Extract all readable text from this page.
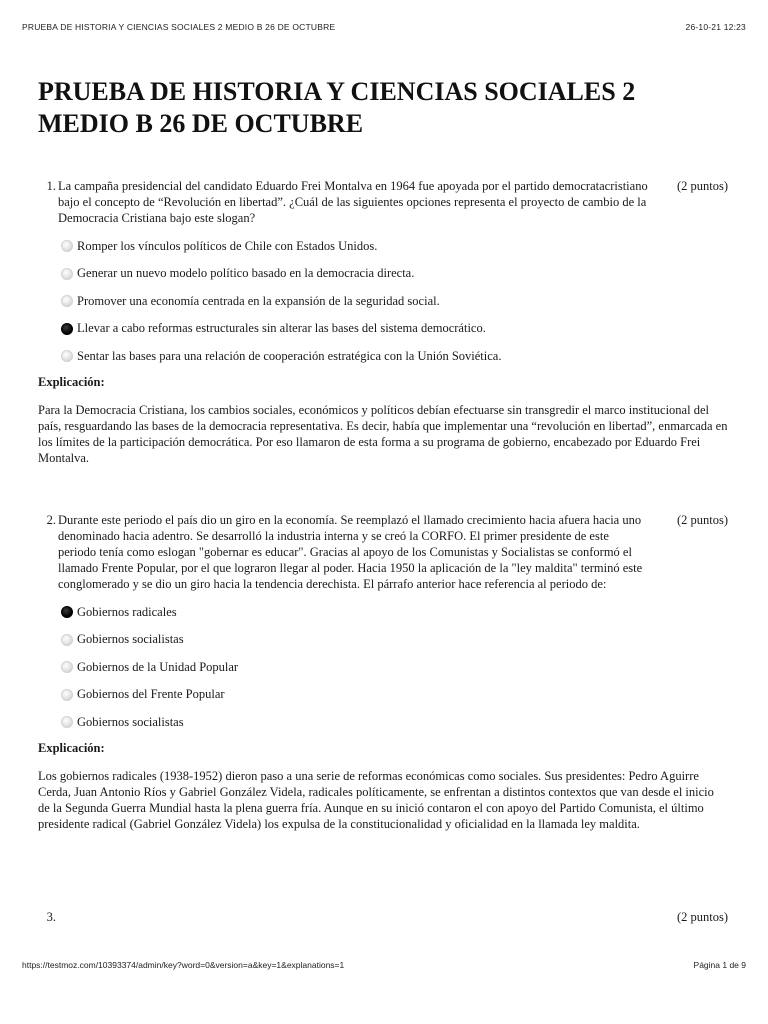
PRUEBA DE HISTORIA Y CIENCIAS SOCIALES 2 MEDIO B 26 DE OCTUBRE	26-10-21 12:23
PRUEBA DE HISTORIA Y CIENCIAS SOCIALES 2 MEDIO B 26 DE OCTUBRE
1. La campaña presidencial del candidato Eduardo Frei Montalva en 1964 fue apoyada por el partido democratacristiano bajo el concepto de “Revolución en libertad”. ¿Cuál de las siguientes opciones representa el proyecto de cambio de la Democracia Cristiana bajo este slogan?
(2 puntos)
Romper los vínculos políticos de Chile con Estados Unidos.
Generar un nuevo modelo político basado en la democracia directa.
Promover una economía centrada en la expansión de la seguridad social.
Llevar a cabo reformas estructurales sin alterar las bases del sistema democrático.
Sentar las bases para una relación de cooperación estratégica con la Unión Soviética.
Explicación:
Para la Democracia Cristiana, los cambios sociales, económicos y políticos debían efectuarse sin transgredir el marco institucional del país, resguardando las bases de la democracia representativa. Es decir, había que implementar una “revolución en libertad”, enmarcada en los límites de la participación democrática. Por eso llamaron de esta forma a su programa de gobierno, encabezado por Eduardo Frei Montalva.
2. Durante este periodo el país dio un giro en la economía. Se reemplazó el llamado crecimiento hacia afuera hacia uno denominado hacia adentro. Se desarrolló la industria interna y se creó la CORFO. El primer presidente de este periodo tenía como eslogan "gobernar es educar". Gracias al apoyo de los Comunistas y Socialistas se conformó el llamado Frente Popular, por el que lograron llegar al poder. Hacia 1950 la aplicación de la "ley maldita" terminó este conglomerado y se dio un giro hacia la tendencia derechista. El párrafo anterior hace referencia al periodo de:
(2 puntos)
Gobiernos radicales
Gobiernos socialistas
Gobiernos de la Unidad Popular
Gobiernos del Frente Popular
Gobiernos socialistas
Explicación:
Los gobiernos radicales (1938-1952) dieron paso a una serie de reformas económicas como sociales. Sus presidentes: Pedro Aguirre Cerda, Juan Antonio Ríos y Gabriel González Videla, radicales políticamente, se enfrentan a distintos contextos que van desde el inicio de la Segunda Guerra Mundial hasta la plena guerra fría. Aunque en su inició contaron el con apoyo del Partido Comunista, el último presidente radical (Gabriel González Videla) los expulsa de la constitucionalidad y oficialidad en la llamada ley maldita.
3.	(2 puntos)
https://testmoz.com/10393374/admin/key?word=0&version=a&key=1&explanations=1	Página 1 de 9
